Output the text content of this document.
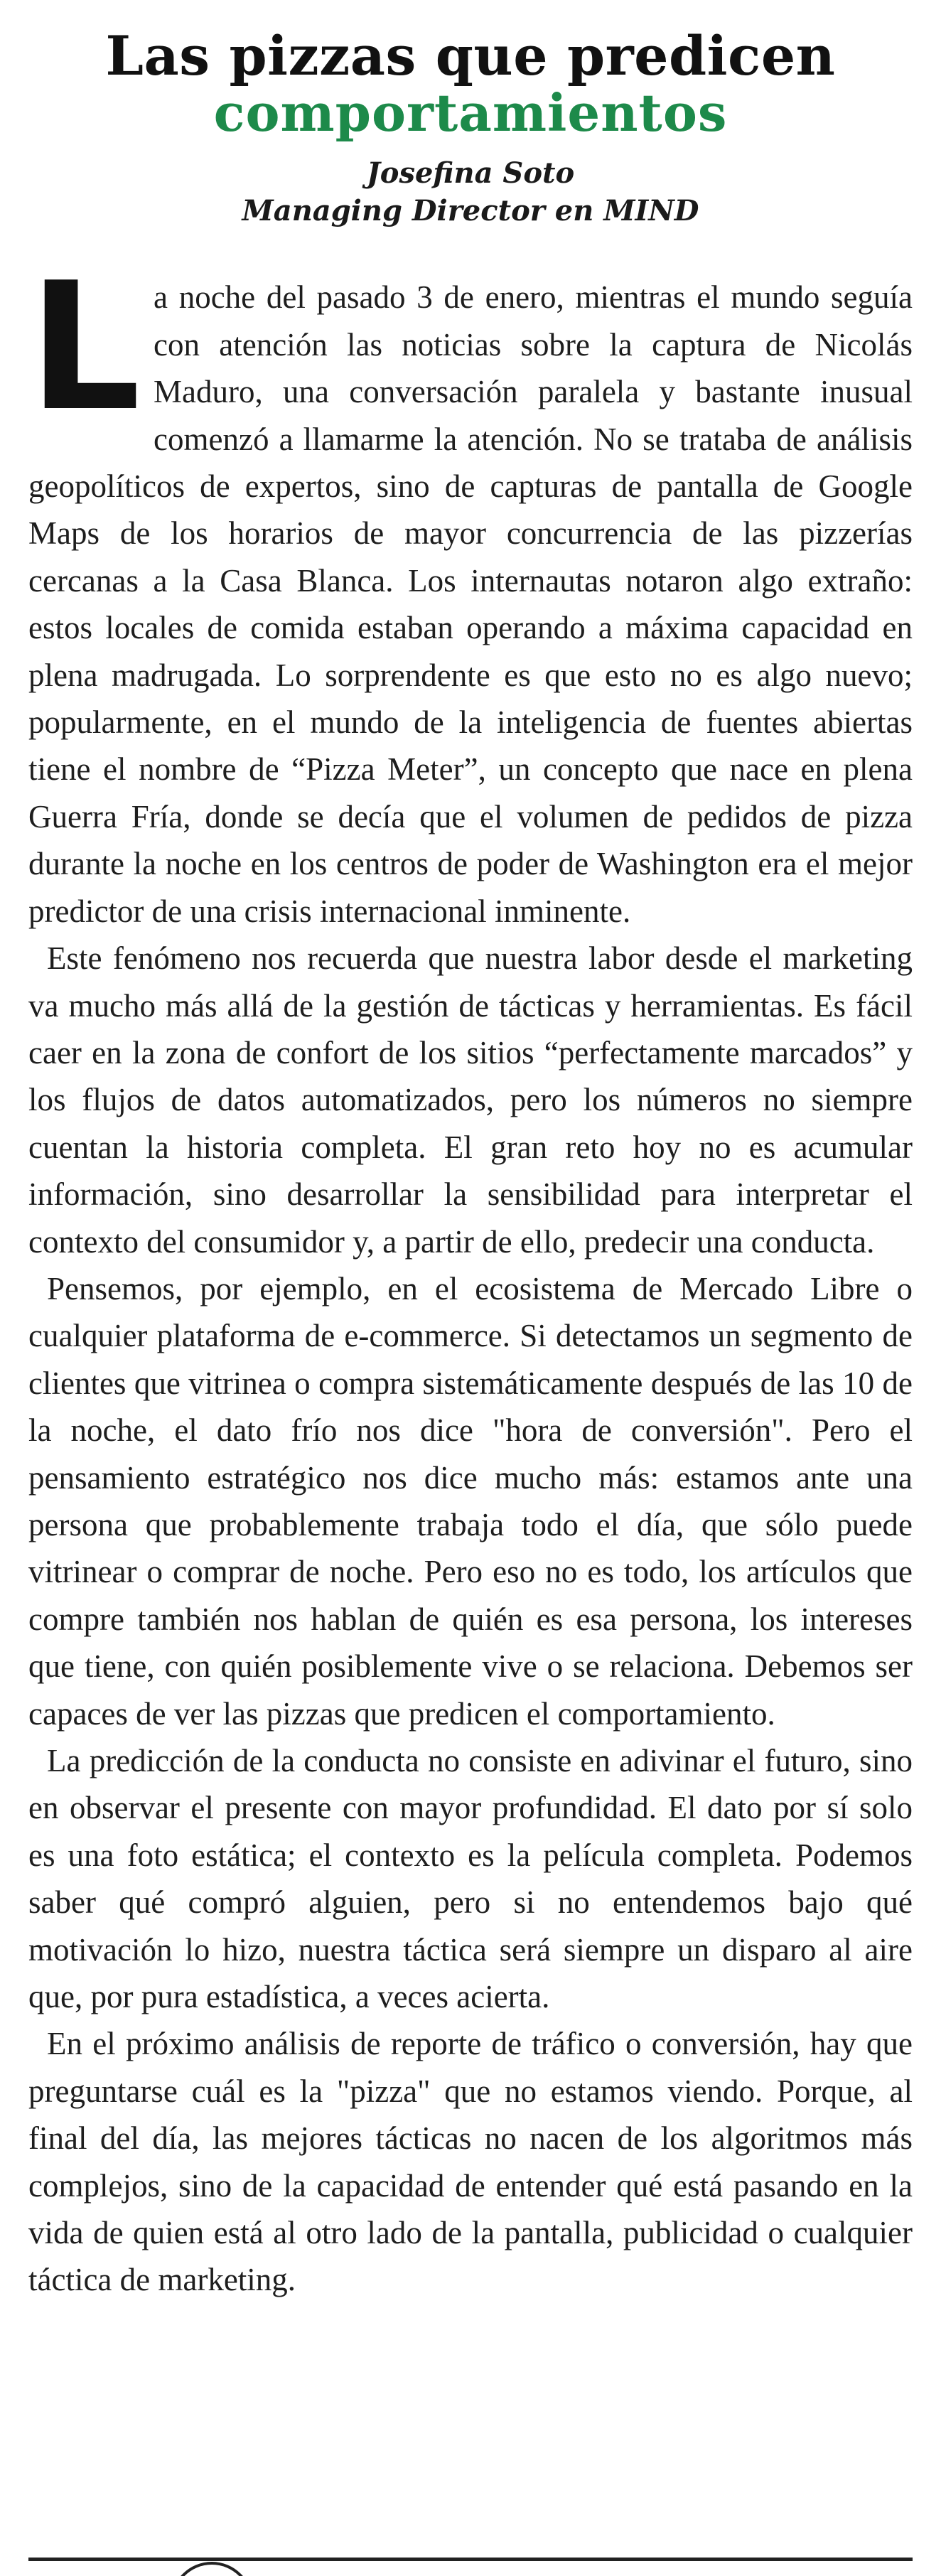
Las pizzas que predicen
comportamientos
Josefina Soto
Managing Director en MIND

La noche del pasado 3 de enero, mientras el mundo seguía con atención las noticias sobre la captura de Nicolás Maduro, una conversación paralela y bastante inusual comenzó a llamarme la atención. No se trataba de análisis geopolíticos de expertos, sino de capturas de pantalla de Google Maps de los horarios de mayor concurrencia de las pizzerías cercanas a la Casa Blanca. Los internautas notaron algo extraño: estos locales de comida estaban operando a máxima capacidad en plena madrugada. Lo sorprendente es que esto no es algo nuevo; popularmente, en el mundo de la inteligencia de fuentes abiertas tiene el nombre de “Pizza Meter”, un concepto que nace en plena Guerra Fría, donde se decía que el volumen de pedidos de pizza durante la noche en los centros de poder de Washington era el mejor predictor de una crisis internacional inminente.

Este fenómeno nos recuerda que nuestra labor desde el marketing va mucho más allá de la gestión de tácticas y herramientas. Es fácil caer en la zona de confort de los sitios “perfectamente marcados” y los flujos de datos automatizados, pero los números no siempre cuentan la historia completa. El gran reto hoy no es acumular información, sino desarrollar la sensibilidad para interpretar el contexto del consumidor y, a partir de ello, predecir una conducta.

Pensemos, por ejemplo, en el ecosistema de Mercado Libre o cualquier plataforma de e-commerce. Si detectamos un segmento de clientes que vitrinea o compra sistemáticamente después de las 10 de la noche, el dato frío nos dice "hora de conversión". Pero el pensamiento estratégico nos dice mucho más: estamos ante una persona que probablemente trabaja todo el día, que sólo puede vitrinear o comprar de noche. Pero eso no es todo, los artículos que compre también nos hablan de quién es esa persona, los intereses que tiene, con quién posiblemente vive o se relaciona. Debemos ser capaces de ver las pizzas que predicen el comportamiento.

La predicción de la conducta no consiste en adivinar el futuro, sino en observar el presente con mayor profundidad. El dato por sí solo es una foto estática; el contexto es la película completa. Podemos saber qué compró alguien, pero si no entendemos bajo qué motivación lo hizo, nuestra táctica será siempre un disparo al aire que, por pura estadística, a veces acierta.

En el próximo análisis de reporte de tráfico o conversión, hay que preguntarse cuál es la "pizza" que no estamos viendo. Porque, al final del día, las mejores tácticas no nacen de los algoritmos más complejos, sino de la capacidad de entender qué está pasando en la vida de quien está al otro lado de la pantalla, publicidad o cualquier táctica de marketing.
